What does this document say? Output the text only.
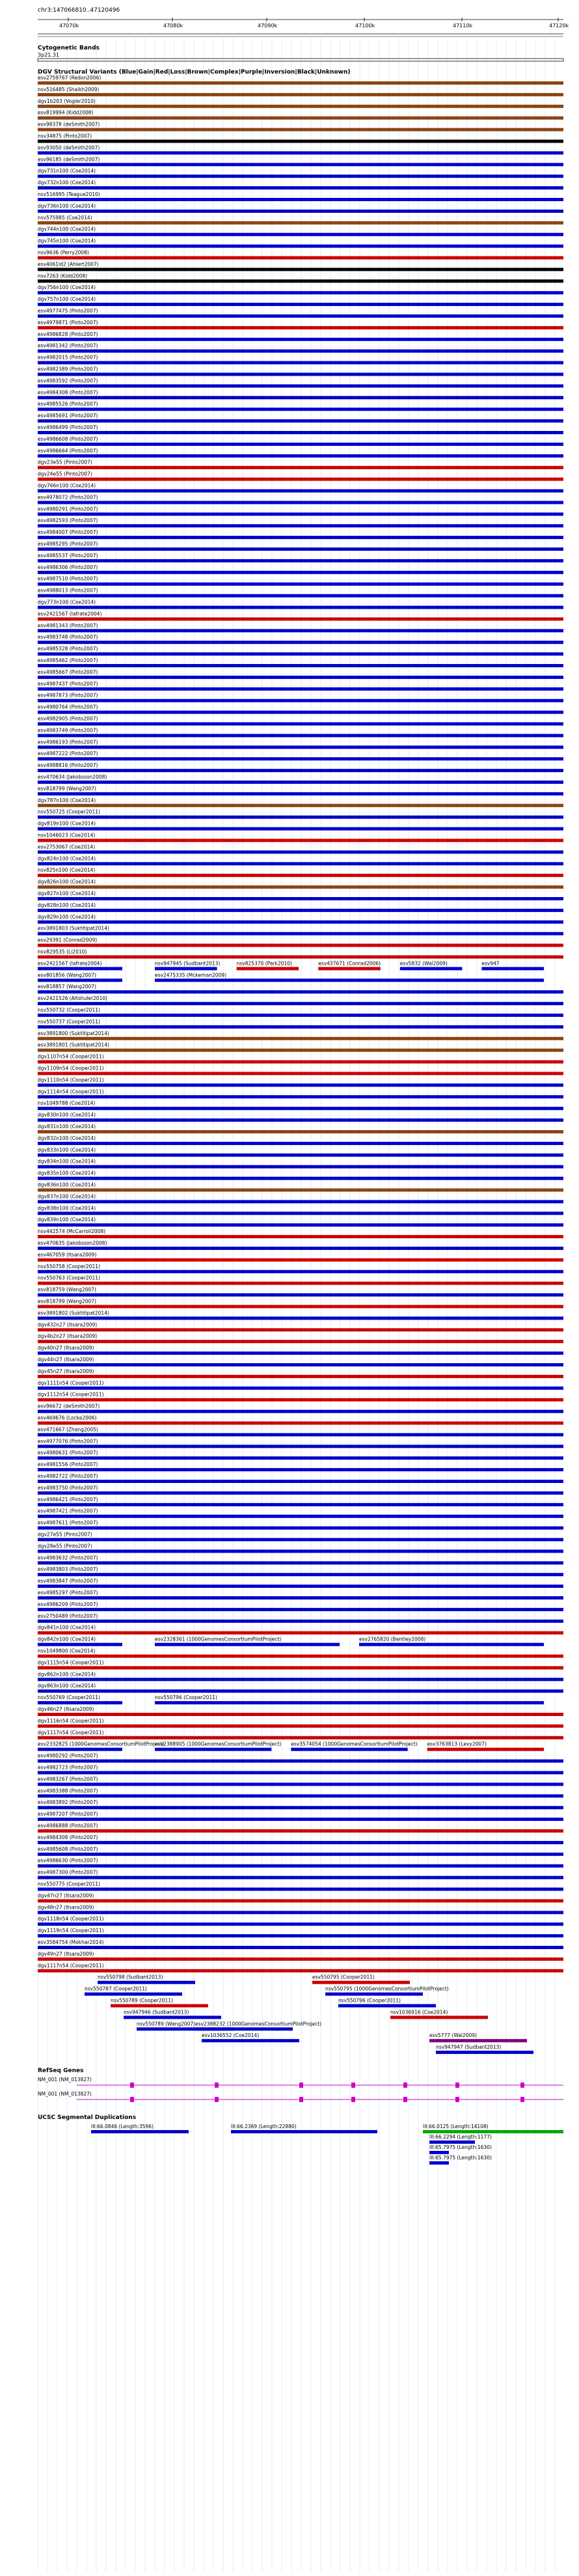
chr3:147066810..47120496
47070k	47080k	47090k	47100k	47110k	47120k
Cytogenetic Bands
3p21.31
DGV Structural Variants (Blue|Gain|Red|Loss|Brown|Complex|Purple|Inversion|Black|Unknown)
esv2759767 (Redon2006)
nsv516485 (Shaikh2009)
dgv1b203 (Vogler2010)
esv819994 (Kidd2008)
esv98378 (deSmith2007)
nsv34875 (Pinto2007)
esv93050 (deSmith2007)
esv96185 (deSmith2007)
dgv731n100 (Coe2014)
dgv732n100 (Coe2014)
nsv516995 (Teague2010)
dgv736n100 (Coe2014)
nsv575985 (Coe2014)
dgv744n100 (Coe2014)
dgv745n100 (Coe2014)
nsv9636 (Perry2008)
esv4061ld2 (Ahlert2007)
nsv7263 (Kidd2008)
dgv756n100 (Coe2014)
dgv757n100 (Coe2014)
esv4977475 (Pinto2007)
esv4979871 (Pinto2007)
esv4986828 (Pinto2007)
esv4981342 (Pinto2007)
esv4982015 (Pinto2007)
esv4982389 (Pinto2007)
esv4983592 (Pinto2007)
esv4984308 (Pinto2007)
esv4985526 (Pinto2007)
esv4985691 (Pinto2007)
esv4986499 (Pinto2007)
esv4986608 (Pinto2007)
esv4986664 (Pinto2007)
dgv23e55 (Pinto2007)
dgv24e55 (Pinto2007)
dgv766n100 (Coe2014)
esv4978072 (Pinto2007)
esv4980291 (Pinto2007)
esv4982593 (Pinto2007)
esv4984007 (Pinto2007)
esv4985295 (Pinto2007)
esv4985537 (Pinto2007)
esv4986306 (Pinto2007)
esv4987510 (Pinto2007)
esv4988013 (Pinto2007)
dgv773n100 (Coe2014)
esv2421567 (Iafrate2004)
esv4981343 (Pinto2007)
esv4983748 (Pinto2007)
esv4985328 (Pinto2007)
esv4985462 (Pinto2007)
esv4985667 (Pinto2007)
esv4987437 (Pinto2007)
esv4987873 (Pinto2007)
esv4980764 (Pinto2007)
esv4982905 (Pinto2007)
esv4983749 (Pinto2007)
esv4986193 (Pinto2007)
esv4987222 (Pinto2007)
esv4988816 (Pinto2007)
esv470634 (Jakobsson2008)
esv818799 (Wang2007)
dgv787n100 (Coe2014)
nsv550725 (Cooper2011)
dgv819n100 (Coe2014)
nsv1046023 (Coe2014)
esv2753067 (Coe2014)
dgv824n100 (Coe2014)
nsv825n100 (Coe2014)
dgv826n100 (Coe2014)
dgv827n100 (Coe2014)
dgv828n100 (Coe2014)
dgv829n100 (Coe2014)
esv3891803 (Suktitipat2014)
esv29391 (Conrad2009)
nsv829535 (Li2010)
esv2421567 (Iafrate2004)	nsv947945 (Sudbant2013)	nsv825370 (Park2010)	esv437671 (Conrad2006)	esv5832 (Wal2009)	esv947
esv801856 (Wang2007)	esv2475335 (Mckernan2009)
esv818857 (Wang2007)
esv2421526 (Altshuler2010)
nsv550732 (Cooper2011)
nsv550737 (Cooper2011)
esv3891800 (Suktitipat2014)
esv3891801 (Suktitipat2014)
dgv1107n54 (Cooper2011)
dgv1109n54 (Cooper2011)
dgv1110n54 (Cooper2011)
dgv1114n54 (Cooper2011)
nsv1049788 (Coe2014)
dgv830n100 (Coe2014)
dgv831n100 (Coe2014)
dgv832n100 (Coe2014)
dgv833n100 (Coe2014)
dgv834n100 (Coe2014)
dgv835n100 (Coe2014)
dgv836n100 (Coe2014)
dgv837n100 (Coe2014)
dgv838n100 (Coe2014)
dgv839n100 (Coe2014)
nsv442574 (McCarroll2008)
esv470635 (Jakobsson2008)
esv467059 (Itsara2009)
nsv550758 (Cooper2011)
nsv550763 (Cooper2011)
esv818759 (Wang2007)
esv818799 (Wang2007)
esv3891802 (Suktitipat2014)
dgv432n27 (Itsara2009)
dgv4b2n27 (Itsara2009)
dgv40n27 (Itsara2009)
dgv44n27 (Itsara2009)
dgv45n27 (Itsara2009)
dgv1111n54 (Cooper2011)
dgv1112n54 (Cooper2011)
esv96672 (deSmith2007)
esv469676 (Locke2006)
esv471667 (Zhang2005)
esv4977076 (Pinto2007)
esv4980631 (Pinto2007)
esv4981556 (Pinto2007)
esv4982722 (Pinto2007)
esv4983750 (Pinto2007)
esv4986421 (Pinto2007)
esv4987421 (Pinto2007)
esv4987611 (Pinto2007)
dgv27e55 (Pinto2007)
dgv28e55 (Pinto2007)
esv4983632 (Pinto2007)
esv4983803 (Pinto2007)
esv4983847 (Pinto2007)
esv4985297 (Pinto2007)
esv4986209 (Pinto2007)
esv2750489 (Pinto2007)
dgv841n100 (Coe2014)
dgv842n100 (Coe2014)	esv2328361 (1000GenomesConsortiumPilotProject)	esv2765820 (Bentley2008)
nsv1049800 (Coe2014)
dgv1115n54 (Cooper2011)
dgv862n100 (Coe2014)
dgv863n100 (Coe2014)
nsv550769 (Cooper2011)	nsv550796 (Cooper2011)
dgv46n27 (Itsara2009)
dgv1116n54 (Cooper2011)
dgv1117n54 (Cooper2011)
esv2332825 (1000GenomesConsortiumPilotProject)
esv2388905 (1000GenomesConsortiumPilotProject) esv3574054 (1000GenomesConsortiumPilotProject) esv3763813 (Levy2007)
esv4980292 (Pinto2007)
esv4982723 (Pinto2007)
esv4983267 (Pinto2007)
esv4983388 (Pinto2007)
esv4983892 (Pinto2007)
esv4987207 (Pinto2007)
esv4986888 (Pinto2007)
esv4984308 (Pinto2007)
esv4985608 (Pinto2007)
esv4986630 (Pinto2007)
esv4987300 (Pinto2007)
nsv550775 (Cooper2011)
dgv47n27 (Itsara2009)
dgv48n27 (Itsara2009)
dgv1118n54 (Cooper2011)
dgv1119n54 (Cooper2011)
esv3584754 (Mokhar2014)
dgv49n27 (Itsara2009)
dgv1117n54 (Cooper2011)
nsv550798 (Sudbant2013)	esv550795 (Cooper2011)
nsv550787 (Cooper2011)	nsv550795 (1000GenomesConsortiumPilotProject)
nsv550789 (Cooper2011)	nsv550796 (Cooper2011)
nsv947946 (Sudbant2013)	nsv1036916 (Coe2014)
nsv550789 (Wang2007) esv2388232 (1000GenomesConsortiumPilotProject)
esv5777 (Wal2009)
esv1036552 (Coe2014)
nsv947947 (Sudbant2013)
RefSeq Genes
NM_001 (NM_013827)
NM_001 (NM_013827)
UCSC Segmental Duplications
III:66.0846 (Length:3596)	III:66.2369 (Length:22880)	III:66.0125 (Length:14108)
III:66.2294 (Length:1177)
III:65.7975 (Length:1630)
III:65.7975 (Length:1630)
